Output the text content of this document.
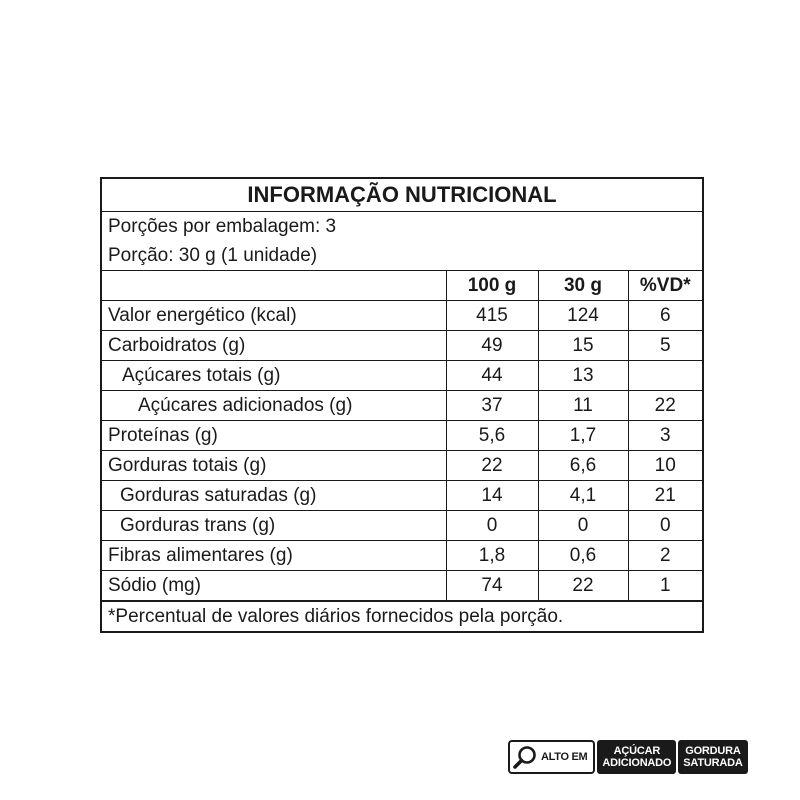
INFORMAÇÃO NUTRICIONAL
Porções por embalagem: 3
Porção: 30 g (1 unidade)
	100 g	30 g	%VD*
Valor energético (kcal)	415	124	6
Carboidratos (g)	49	15	5
Açúcares totais (g)	44	13	
Açúcares adicionados (g)	37	11	22
Proteínas (g)	5,6	1,7	3
Gorduras totais (g)	22	6,6	10
Gorduras saturadas (g)	14	4,1	21
Gorduras trans (g)	0	0	0
Fibras alimentares (g)	1,8	0,6	2
Sódio (mg)	74	22	1
*Percentual de valores diários fornecidos pela porção.
ALTO EM AÇÚCAR
ADICIONADO
GORDURA
SATURADA
